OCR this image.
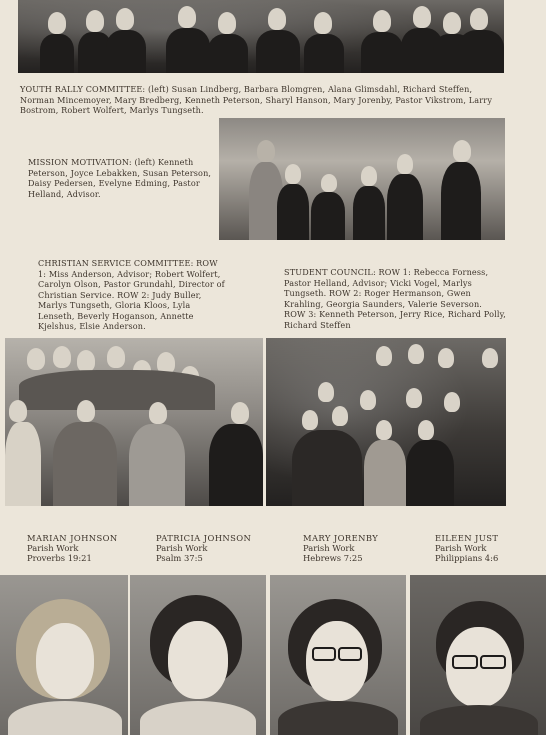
YOUTH RALLY COMMITTEE: (left) Susan Lindberg, Barbara Blomgren, Alana Glimsdahl, Richard Steffen, Norman Mincemoyer, Mary Bredberg, Kenneth Peterson, Sharyl Hanson, Mary Jorenby, Pastor Vikstrom, Larry Bostrom, Robert Wolfert, Marlys Tungseth.
MISSION MOTIVATION: (left) Kenneth Peterson, Joyce Lebakken, Susan Peterson, Daisy Pedersen, Evelyne Edming, Pastor Helland, Advisor.
CHRISTIAN SERVICE COMMITTEE: ROW 1: Miss Anderson, Advisor; Robert Wolfert, Carolyn Olson, Pastor Grundahl, Director of Christian Service. ROW 2: Judy Buller, Marlys Tungseth, Gloria Kloos, Lyla Lenseth, Beverly Hoganson, Annette Kjelshus, Elsie Anderson.
STUDENT COUNCIL: ROW 1: Rebecca Forness, Pastor Helland, Advisor; Vicki Vogel, Marlys Tungseth. ROW 2: Roger Hermanson, Gwen Krahling, Georgia Saunders, Valerie Severson. ROW 3: Kenneth Peterson, Jerry Rice, Richard Polly, Richard Steffen
MARIAN JOHNSON
Parish Work
Proverbs 19:21
PATRICIA JOHNSON
Parish Work
Psalm 37:5
MARY JORENBY
Parish Work
Hebrews 7:25
EILEEN JUST
Parish Work
Philippians 4:6
